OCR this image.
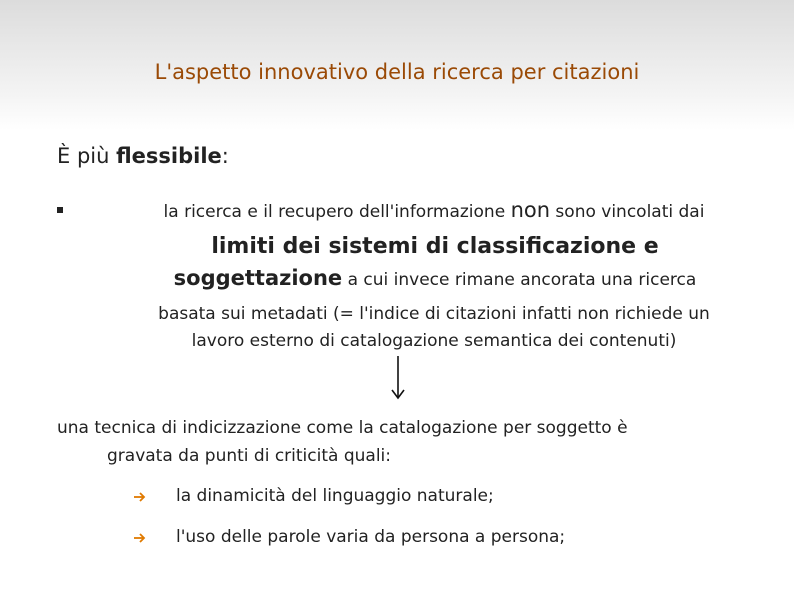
L'aspetto innovativo della ricerca per citazioni
È più flessibile:
la ricerca e il recupero dell'informazione non sono vincolati dai
limiti dei sistemi di classificazione e
soggettazione a cui invece rimane ancorata una ricerca
basata sui metadati (= l'indice di citazioni infatti non richiede un
lavoro esterno di catalogazione semantica dei contenuti)
una tecnica di indicizzazione come la catalogazione per soggetto è
gravata da punti di criticità quali:
la dinamicità del linguaggio naturale;
l'uso delle parole varia da persona a persona;
